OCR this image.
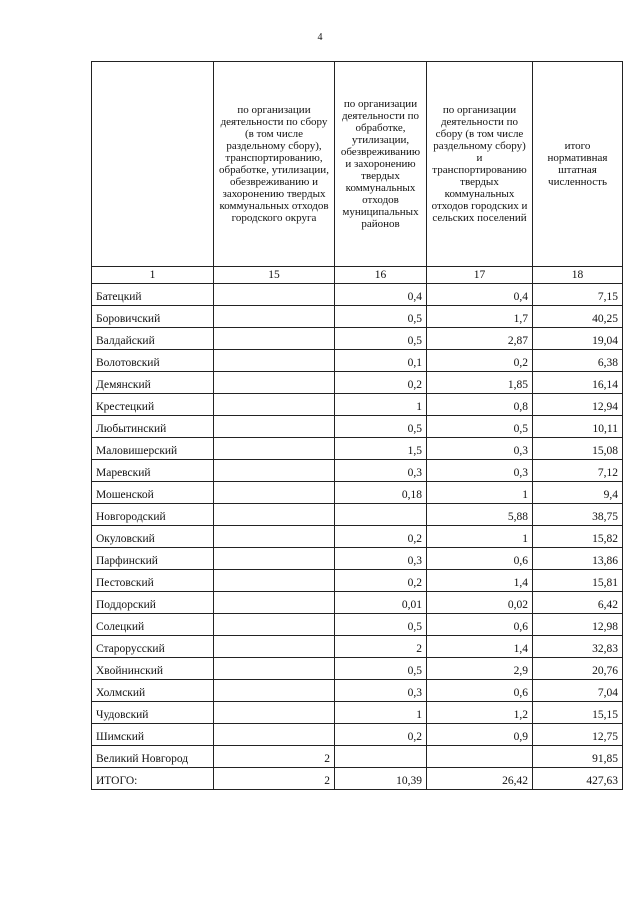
4
	по организации деятельности по сбору (в том числе раздельному сбору), транспортированию, обработке, утилизации, обезвреживанию и захоронению твердых коммунальных отходов городского округа	по организации деятельности по обработке, утилизации, обезвреживанию и захоронению твердых коммунальных отходов муниципальных районов	по организации деятельности по сбору (в том числе раздельному сбору) и транспортированию твердых коммунальных отходов городских и сельских поселений	итого нормативная штатная численность
1	15	16	17	18
Батецкий		0,4	0,4	7,15
Боровичский		0,5	1,7	40,25
Валдайский		0,5	2,87	19,04
Волотовский		0,1	0,2	6,38
Демянский		0,2	1,85	16,14
Крестецкий		1	0,8	12,94
Любытинский		0,5	0,5	10,11
Маловишерский		1,5	0,3	15,08
Маревский		0,3	0,3	7,12
Мошенской		0,18	1	9,4
Новгородский			5,88	38,75
Окуловский		0,2	1	15,82
Парфинский		0,3	0,6	13,86
Пестовский		0,2	1,4	15,81
Поддорский		0,01	0,02	6,42
Солецкий		0,5	0,6	12,98
Старорусский		2	1,4	32,83
Хвойнинский		0,5	2,9	20,76
Холмский		0,3	0,6	7,04
Чудовский		1	1,2	15,15
Шимский		0,2	0,9	12,75
Великий Новгород	2			91,85
ИТОГО:	2	10,39	26,42	427,63
